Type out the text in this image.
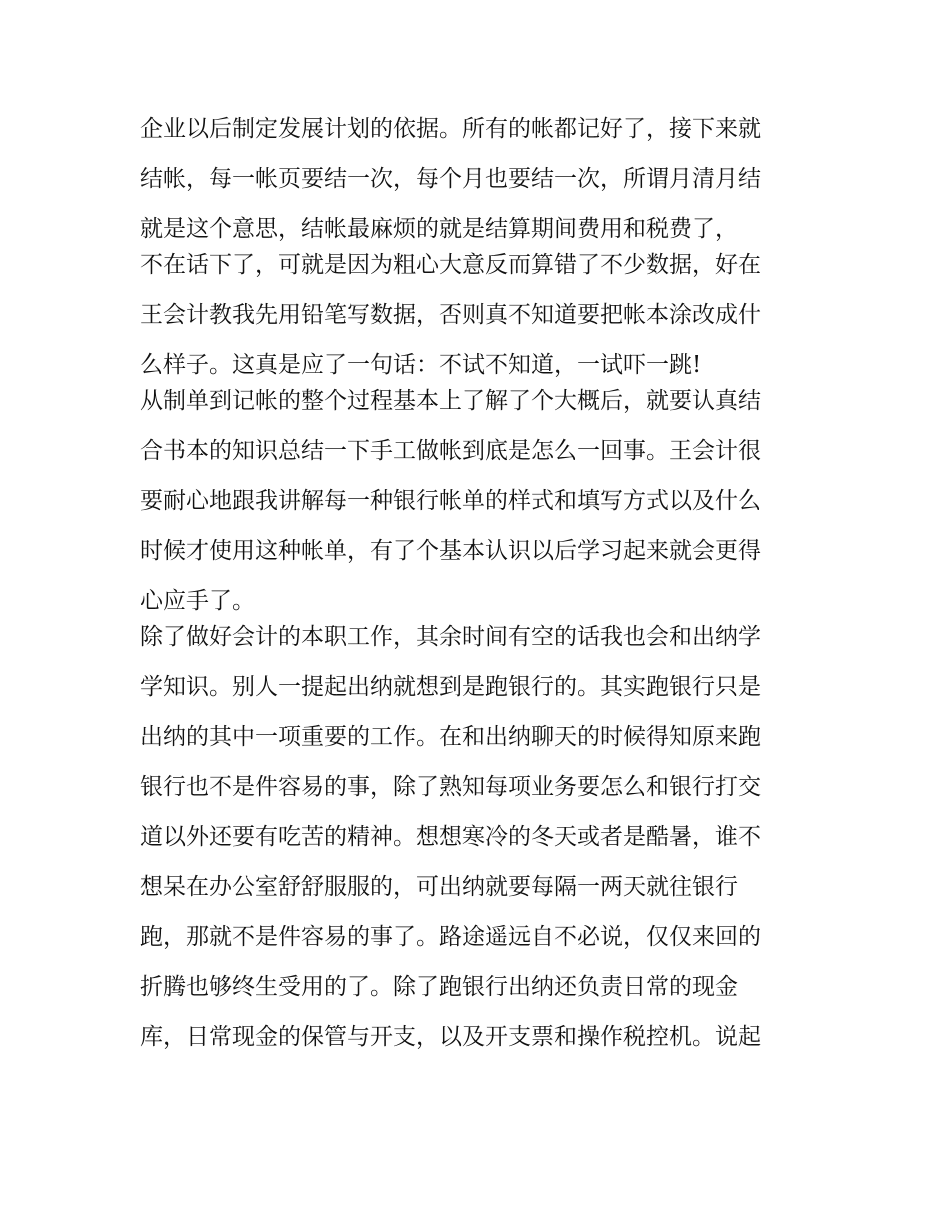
企业以后制定发展计划的依据。所有的帐都记好了，接下来就
结帐，每一帐页要结一次，每个月也要结一次，所谓月清月结
就是这个意思，结帐最麻烦的就是结算期间费用和税费了，
不在话下了，可就是因为粗心大意反而算错了不少数据，好在
王会计教我先用铅笔写数据，否则真不知道要把帐本涂改成什
么样子。这真是应了一句话：不试不知道，一试吓一跳!
从制单到记帐的整个过程基本上了解了个大概后，就要认真结
合书本的知识总结一下手工做帐到底是怎么一回事。王会计很
要耐心地跟我讲解每一种银行帐单的样式和填写方式以及什么
时候才使用这种帐单，有了个基本认识以后学习起来就会更得
心应手了。
除了做好会计的本职工作，其余时间有空的话我也会和出纳学
学知识。别人一提起出纳就想到是跑银行的。其实跑银行只是
出纳的其中一项重要的工作。在和出纳聊天的时候得知原来跑
银行也不是件容易的事，除了熟知每项业务要怎么和银行打交
道以外还要有吃苦的精神。想想寒冷的冬天或者是酷暑，谁不
想呆在办公室舒舒服服的，可出纳就要每隔一两天就往银行
跑，那就不是件容易的事了。路途遥远自不必说，仅仅来回的
折腾也够终生受用的了。除了跑银行出纳还负责日常的现金
库，日常现金的保管与开支，以及开支票和操作税控机。说起
